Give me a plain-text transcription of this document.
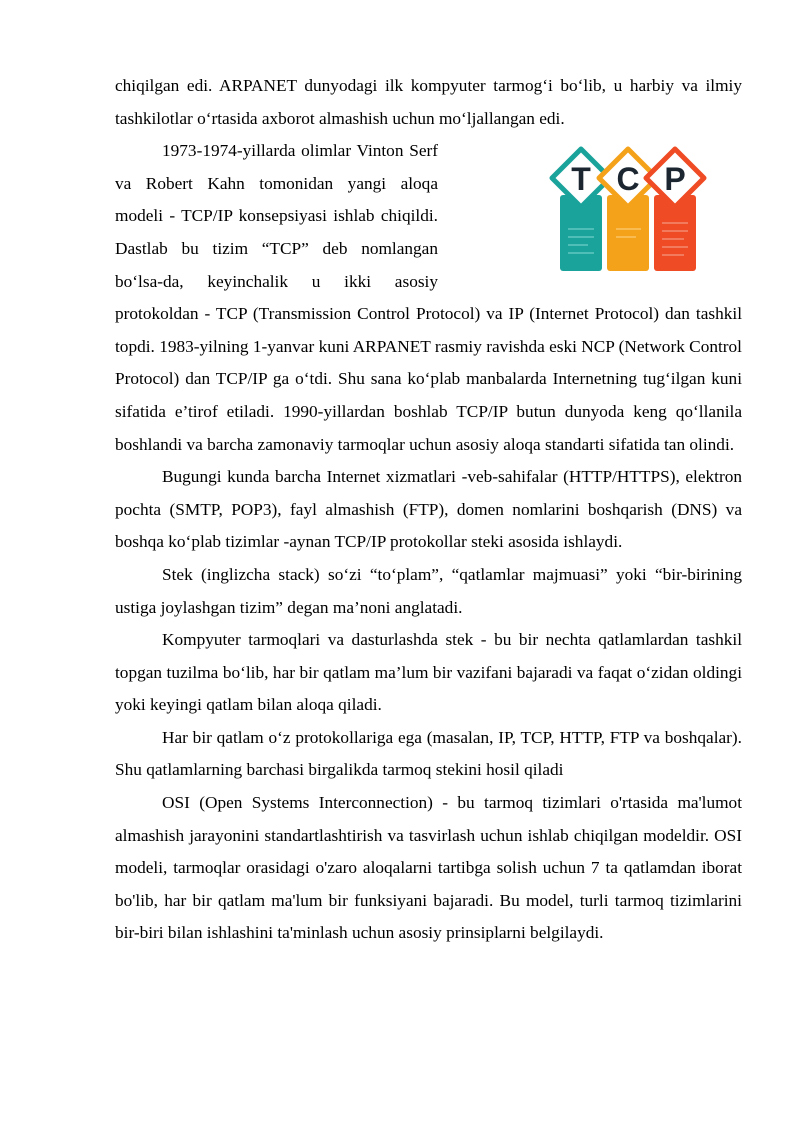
chiqilgan edi. ARPANET dunyodagi ilk kompyuter tarmog‘i bo‘lib, u harbiy va ilmiy tashkilotlar o‘rtasida axborot almashish uchun mo‘ljallangan edi.

T C P

1973-1974-yillarda olimlar Vinton Serf va Robert Kahn tomonidan yangi aloqa modeli - TCP/IP konsepsiyasi ishlab chiqildi. Dastlab bu tizim “TCP” deb nomlangan bo‘lsa-da, keyinchalik u ikki asosiy protokoldan - TCP (Transmission Control Protocol) va IP (Internet Protocol) dan tashkil topdi. 1983-yilning 1-yanvar kuni ARPANET rasmiy ravishda eski NCP (Network Control Protocol) dan TCP/IP ga o‘tdi. Shu sana ko‘plab manbalarda Internetning tug‘ilgan kuni sifatida e’tirof etiladi. 1990-yillardan boshlab TCP/IP butun dunyoda keng qo‘llanila boshlandi va barcha zamonaviy tarmoqlar uchun asosiy aloqa standarti sifatida tan olindi.

Bugungi kunda barcha Internet xizmatlari -veb-sahifalar (HTTP/HTTPS), elektron pochta (SMTP, POP3), fayl almashish (FTP), domen nomlarini boshqarish (DNS) va boshqa ko‘plab tizimlar -aynan TCP/IP protokollar steki asosida ishlaydi.

Stek (inglizcha stack) so‘zi “to‘plam”, “qatlamlar majmuasi” yoki “bir-birining ustiga joylashgan tizim” degan ma’noni anglatadi.

Kompyuter tarmoqlari va dasturlashda stek - bu bir nechta qatlamlardan tashkil topgan tuzilma bo‘lib, har bir qatlam ma’lum bir vazifani bajaradi va faqat o‘zidan oldingi yoki keyingi qatlam bilan aloqa qiladi.

Har bir qatlam o‘z protokollariga ega (masalan, IP, TCP, HTTP, FTP va boshqalar). Shu qatlamlarning barchasi birgalikda tarmoq stekini hosil qiladi

OSI (Open Systems Interconnection) - bu tarmoq tizimlari o'rtasida ma'lumot almashish jarayonini standartlashtirish va tasvirlash uchun ishlab chiqilgan modeldir. OSI modeli, tarmoqlar orasidagi o'zaro aloqalarni tartibga solish uchun 7 ta qatlamdan iborat bo'lib, har bir qatlam ma'lum bir funksiyani bajaradi. Bu model, turli tarmoq tizimlarini bir-biri bilan ishlashini ta'minlash uchun asosiy prinsiplarni belgilaydi.
